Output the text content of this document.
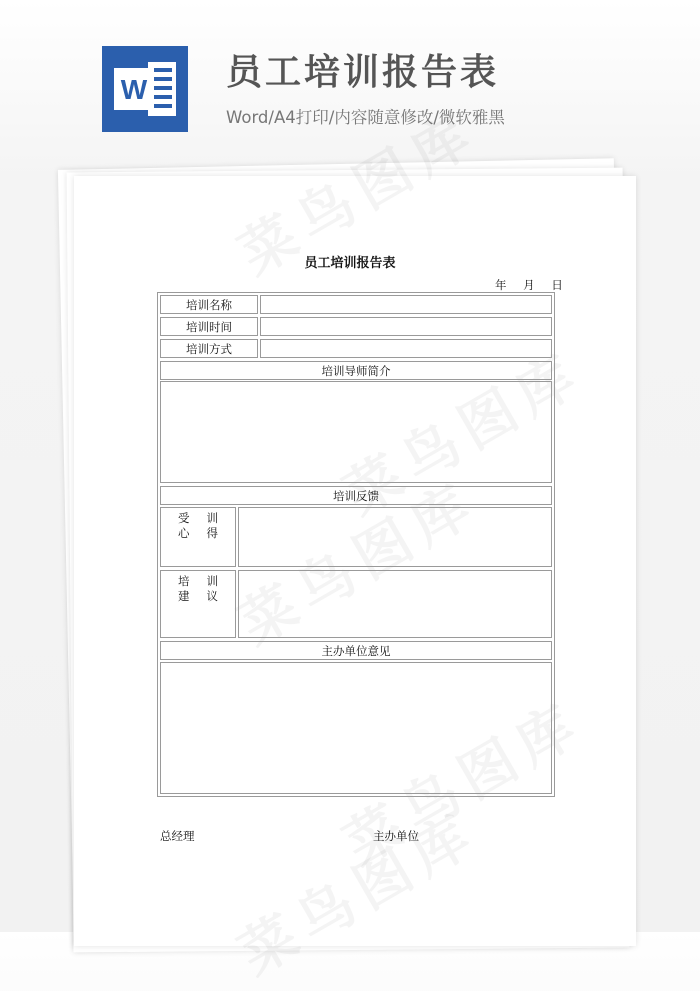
W 员工培训报告表
Word/A4打印/内容随意修改/微软雅黑
员工培训报告表
年 月 日
培训名称
培训时间
培训方式
培训导师简介
培训反馈
受 训
心 得
培 训
建 议
主办单位意见
总经理	主办单位
